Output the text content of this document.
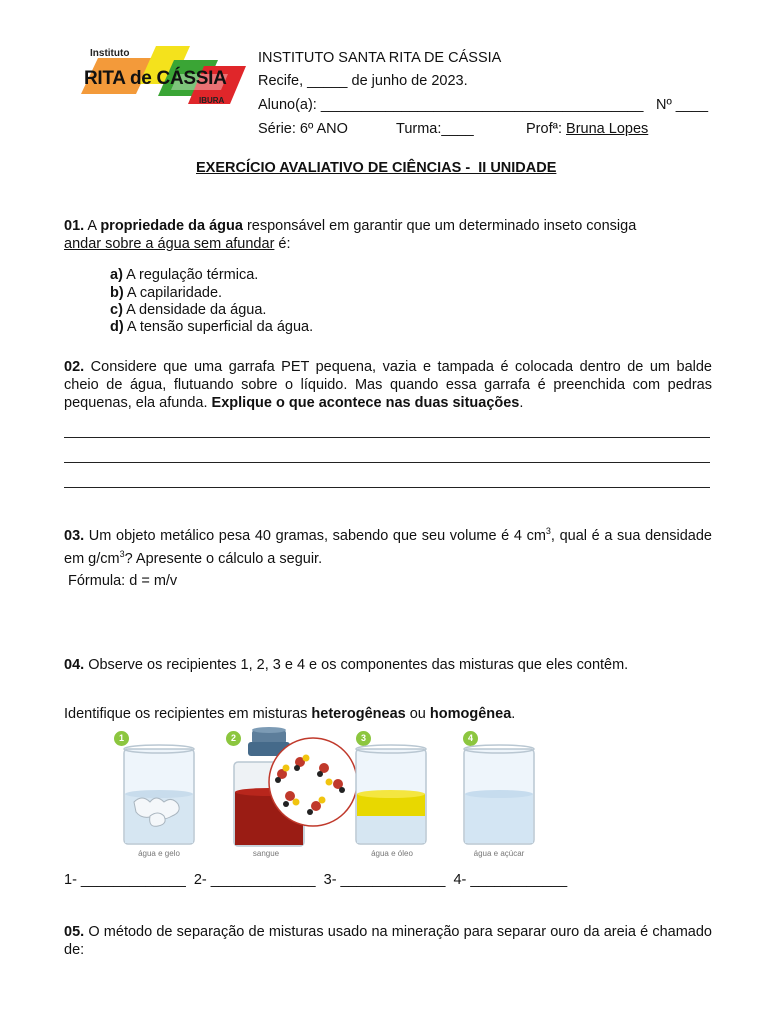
Instituto
RITA de CÁSSIA
IBURA
INSTITUTO SANTA RITA DE CÁSSIA
Recife, _____ de junho de 2023.
Aluno(a): ________________________________________ Nº ____
Série: 6º ANO	Turma:____	Profª: Bruna Lopes
EXERCÍCIO AVALIATIVO DE CIÊNCIAS -  II UNIDADE
01. A propriedade da água responsável em garantir que um determinado inseto consiga
andar sobre a água sem afundar é:
a) A regulação térmica.
b) A capilaridade.
c) A densidade da água.
d) A tensão superficial da água.
02. Considere que uma garrafa PET pequena, vazia e tampada é colocada dentro de um balde cheio de água, flutuando sobre o líquido. Mas quando essa garrafa é preenchida com pedras pequenas, ela afunda. Explique o que acontece nas duas situações.
03. Um objeto metálico pesa 40 gramas, sabendo que seu volume é 4 $cm^3$, qual é a sua densidade em $g/cm^3$? Apresente o cálculo a seguir.
Fórmula: d = m/v
04. Observe os recipientes 1, 2, 3 e 4 e os componentes das misturas que eles contêm.
Identifique os recipientes em misturas heterogêneas ou homogênea.
1	2	3	4
água e gelo	sangue	água e óleo	água e açúcar
1- _____________  2- _____________  3- _____________  4- ____________
05. O método de separação de misturas usado na mineração para separar ouro da areia é chamado de:
